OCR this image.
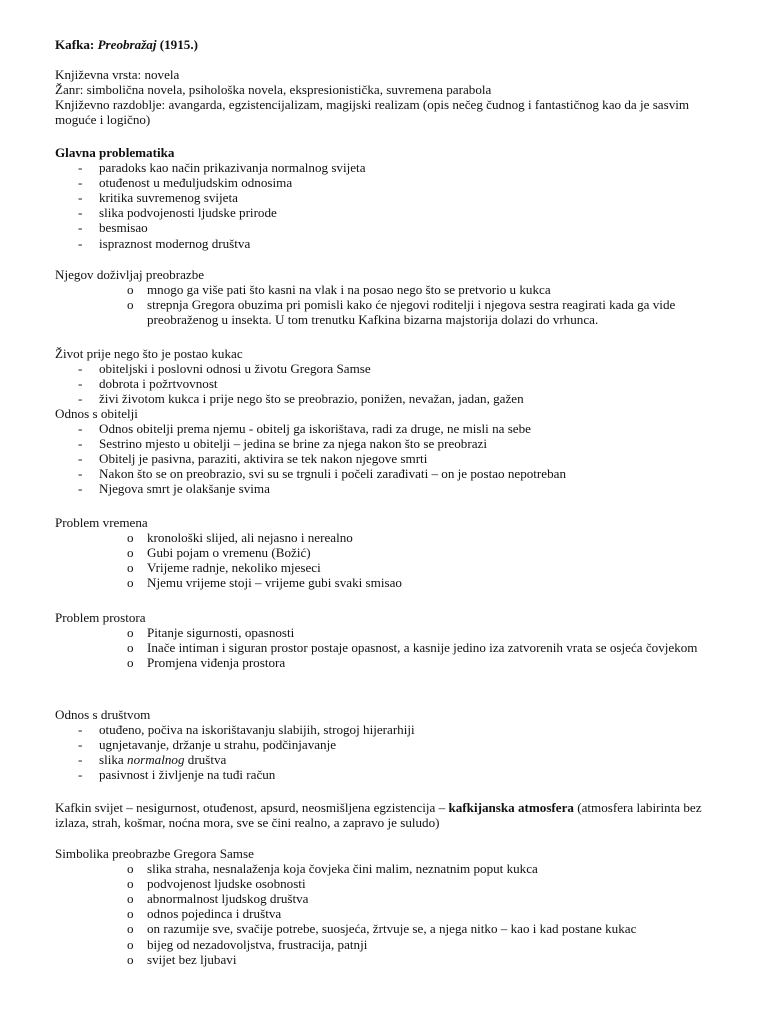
Kafka: Preobražaj (1915.)
Književna vrsta: novela
Žanr: simbolična novela, psihološka novela, ekspresionistička, suvremena parabola
Književno razdoblje: avangarda, egzistencijalizam, magijski realizam (opis nečeg čudnog i fantastičnog kao da je sasvim moguće i logično)
Glavna problematika
- paradoks kao način prikazivanja normalnog svijeta
- otuđenost u međuljudskim odnosima
- kritika suvremenog svijeta
- slika podvojenosti ljudske prirode
- besmisao
- ispraznost modernog društva
Njegov doživljaj preobrazbe
o mnogo ga više pati što kasni na vlak i na posao nego što se pretvorio u kukca
o strepnja Gregora obuzima pri pomisli kako će njegovi roditelji i njegova sestra reagirati kada ga vide preobraženog u insekta. U tom trenutku Kafkina bizarna majstorija dolazi do vrhunca.
Život prije nego što je postao kukac
- obiteljski i poslovni odnosi u životu Gregora Samse
- dobrota i požrtvovnost
- živi životom kukca i prije nego što se preobrazio, ponižen, nevažan, jadan, gažen
Odnos s obitelji
- Odnos obitelji prema njemu - obitelj ga iskorištava, radi za druge, ne misli na sebe
- Sestrino mjesto u obitelji – jedina se brine za njega nakon što se preobrazi
- Obitelj je pasivna, paraziti, aktivira se tek nakon njegove smrti
- Nakon što se on preobrazio, svi su se trgnuli i počeli zarađivati – on je postao nepotreban
- Njegova smrt je olakšanje svima
Problem vremena
o kronološki slijed, ali nejasno i nerealno
o Gubi pojam o vremenu (Božić)
o Vrijeme radnje, nekoliko mjeseci
o Njemu vrijeme stoji – vrijeme gubi svaki smisao
Problem prostora
o Pitanje sigurnosti, opasnosti
o Inače intiman i siguran prostor postaje opasnost, a kasnije jedino iza zatvorenih vrata se osjeća čovjekom
o Promjena viđenja prostora
Odnos s društvom
- otuđeno, počiva na iskorištavanju slabijih, strogoj hijerarhiji
- ugnjetavanje, držanje u strahu, podčinjavanje
- slika normalnog društva
- pasivnost i življenje na tuđi račun
Kafkin svijet – nesigurnost, otuđenost, apsurd, neosmišljena egzistencija – kafkijanska atmosfera (atmosfera labirinta bez izlaza, strah, košmar, noćna mora, sve se čini realno, a zapravo je suludo)
Simbolika preobrazbe Gregora Samse
o slika straha, nesnalaženja koja čovjeka čini malim, neznatnim poput kukca
o podvojenost ljudske osobnosti
o abnormalnost ljudskog društva
o odnos pojedinca i društva
o on razumije sve, svačije potrebe, suosjeća, žrtvuje se, a njega nitko – kao i kad postane kukac
o bijeg od nezadovoljstva, frustracija, patnji
o svijet bez ljubavi
